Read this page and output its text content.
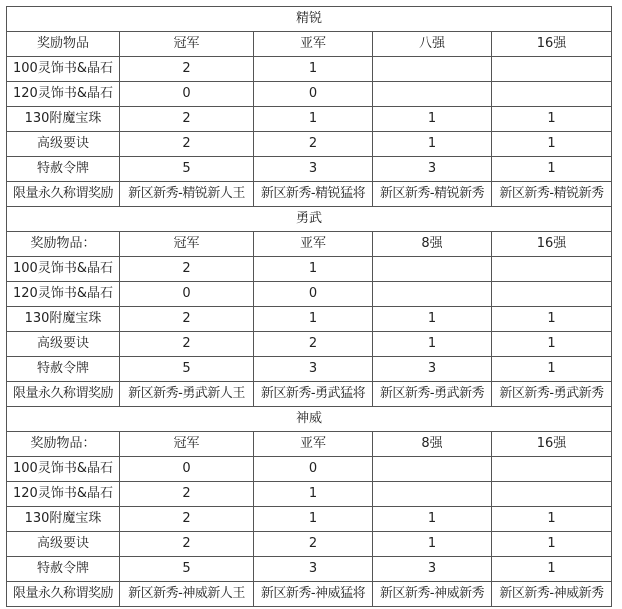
精锐				
奖励物品	冠军	亚军	八强	16强
100灵饰书&晶石	2	1		
120灵饰书&晶石	0	0		
130附魔宝珠	2	1	1	1
高级要诀	2	2	1	1
特赦令牌	5	3	3	1
限量永久称谓奖励	新区新秀-精锐新人王	新区新秀-精锐猛将	新区新秀-精锐新秀	新区新秀-精锐新秀
勇武				
奖励物品：	冠军	亚军	8强	16强
100灵饰书&晶石	2	1		
120灵饰书&晶石	0	0		
130附魔宝珠	2	1	1	1
高级要诀	2	2	1	1
特赦令牌	5	3	3	1
限量永久称谓奖励	新区新秀-勇武新人王	新区新秀-勇武猛将	新区新秀-勇武新秀	新区新秀-勇武新秀
神威				
奖励物品：	冠军	亚军	8强	16强
100灵饰书&晶石	0	0		
120灵饰书&晶石	2	1		
130附魔宝珠	2	1	1	1
高级要诀	2	2	1	1
特赦令牌	5	3	3	1
限量永久称谓奖励	新区新秀-神威新人王	新区新秀-神威猛将	新区新秀-神威新秀	新区新秀-神威新秀
